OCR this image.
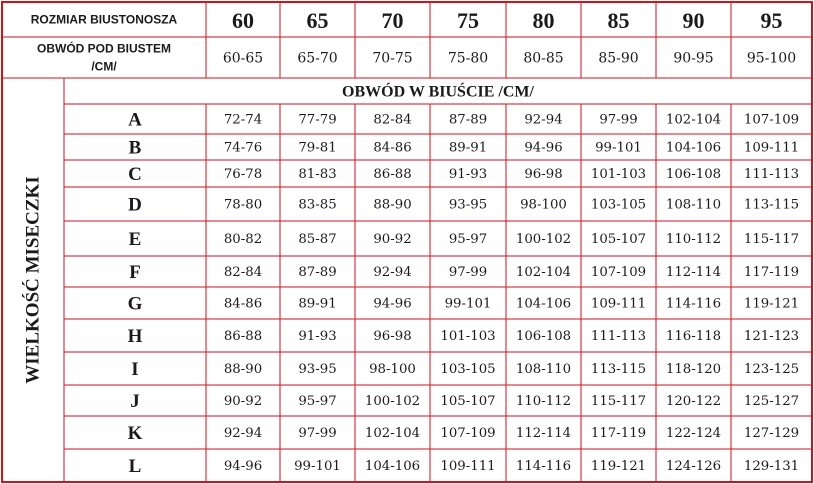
ROZMIAR BIUSTONOSZA 60 65 70 75 80 85 90	95
OBWÓD POD BIUSTEM
/CM/	60-65 65-70 70-75	75-80	80-85 85-90 90-95 95-100
OBWÓD W BIUŚCIE /CM/
WIELKOŚĆ MISECZKI
A	72-74	77-79	82-84	87-89	92-94	97-99 102-104 107-109
B	74-76	79-81	84-86	89-91	94-96 99-101 104-106 109-111
C	76-78	81-83	86-88	91-93	96-98 101-103 106-108 111-113
D	78-80	83-85	88-90	93-95 98-100 103-105 108-110 113-115
E	80-82	85-87	90-92	95-97 100-102 105-107 110-112 115-117
F	82-84	87-89	92-94	97-99 102-104 107-109 112-114 117-119
G	84-86	89-91	94-96 99-101 104-106 109-111 114-116 119-121
H	86-88	91-93	96-98 101-103 106-108 111-113 116-118 121-123
I	88-90	93-95 98-100 103-105 108-110 113-115 118-120 123-125
J	90-92	95-97 100-102 105-107 110-112 115-117 120-122 125-127
K	92-94	97-99 102-104 107-109 112-114 117-119 122-124 127-129
L	94-96 99-101 104-106 109-111 114-116 119-121 124-126 129-131
